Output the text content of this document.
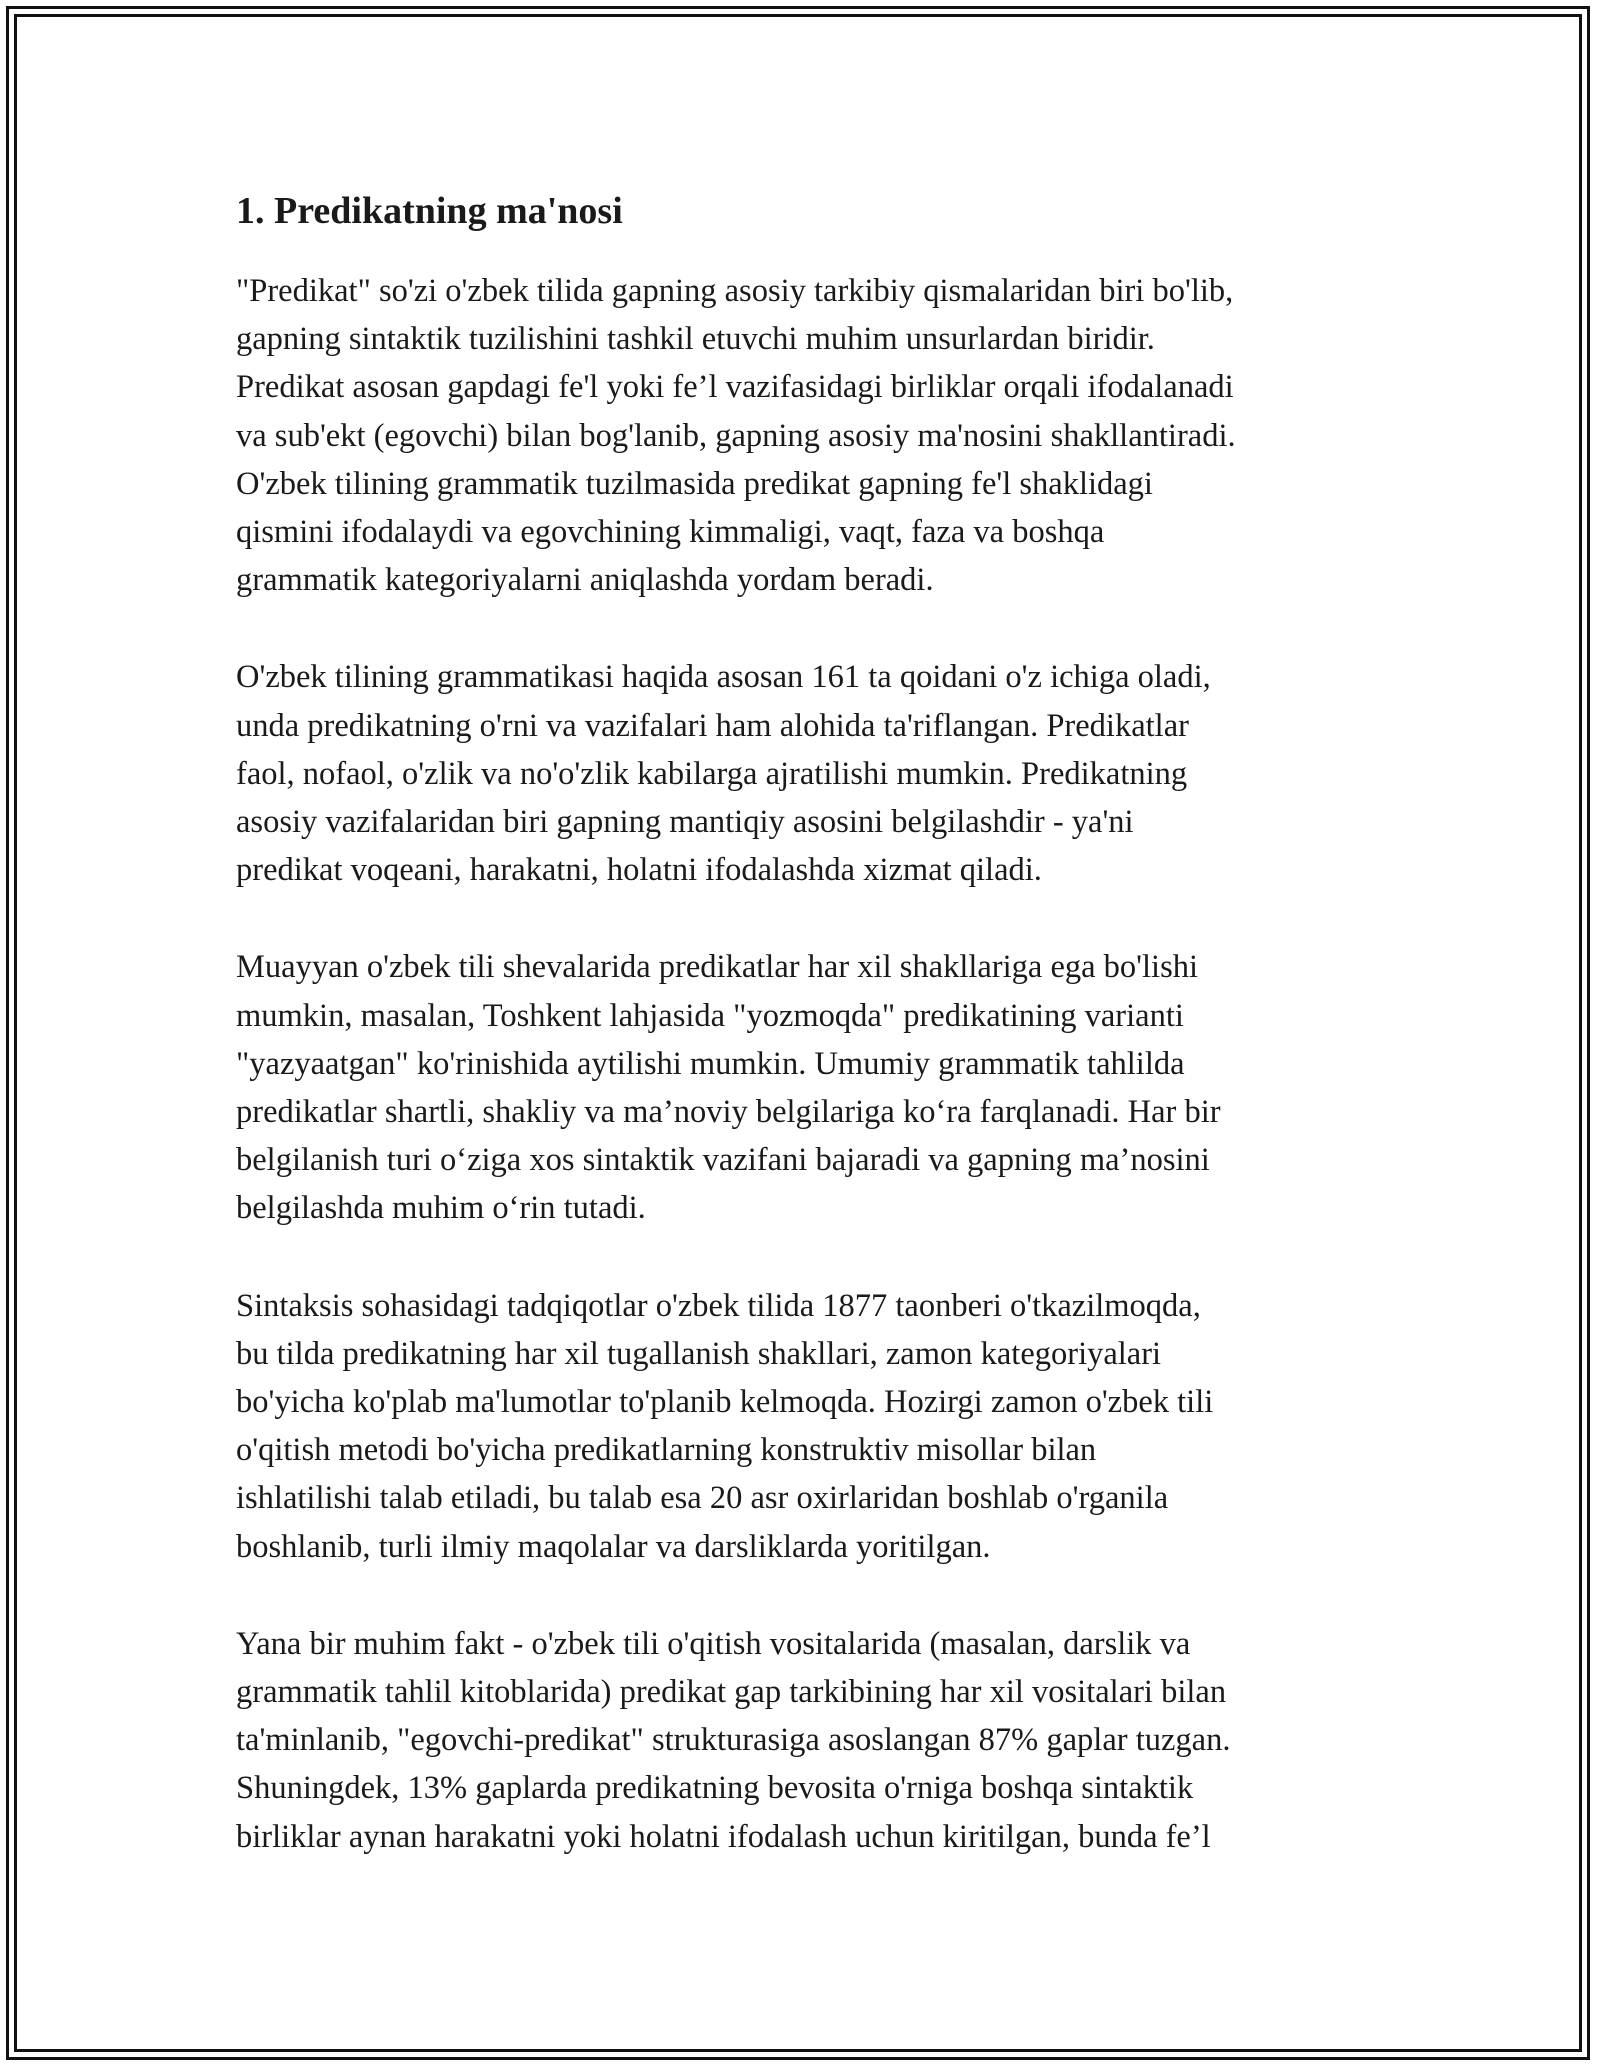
1. Predikatning ma'nosi

"Predikat" so'zi o'zbek tilida gapning asosiy tarkibiy qismalaridan biri bo'lib,
gapning sintaktik tuzilishini tashkil etuvchi muhim unsurlardan biridir.
Predikat asosan gapdagi fe'l yoki fe’l vazifasidagi birliklar orqali ifodalanadi
va sub'ekt (egovchi) bilan bog'lanib, gapning asosiy ma'nosini shakllantiradi.
O'zbek tilining grammatik tuzilmasida predikat gapning fe'l shaklidagi
qismini ifodalaydi va egovchining kimmaligi, vaqt, faza va boshqa
grammatik kategoriyalarni aniqlashda yordam beradi.

O'zbek tilining grammatikasi haqida asosan 161 ta qoidani o'z ichiga oladi,
unda predikatning o'rni va vazifalari ham alohida ta'riflangan. Predikatlar
faol, nofaol, o'zlik va no'o'zlik kabilarga ajratilishi mumkin. Predikatning
asosiy vazifalaridan biri gapning mantiqiy asosini belgilashdir - ya'ni
predikat voqeani, harakatni, holatni ifodalashda xizmat qiladi.

Muayyan o'zbek tili shevalarida predikatlar har xil shakllariga ega bo'lishi
mumkin, masalan, Toshkent lahjasida "yozmoqda" predikatining varianti
"yazyaatgan" ko'rinishida aytilishi mumkin. Umumiy grammatik tahlilda
predikatlar shartli, shakliy va ma’noviy belgilariga ko‘ra farqlanadi. Har bir
belgilanish turi o‘ziga xos sintaktik vazifani bajaradi va gapning ma’nosini
belgilashda muhim o‘rin tutadi.

Sintaksis sohasidagi tadqiqotlar o'zbek tilida 1877 taonberi o'tkazilmoqda,
bu tilda predikatning har xil tugallanish shakllari, zamon kategoriyalari
bo'yicha ko'plab ma'lumotlar to'planib kelmoqda. Hozirgi zamon o'zbek tili
o'qitish metodi bo'yicha predikatlarning konstruktiv misollar bilan
ishlatilishi talab etiladi, bu talab esa 20 asr oxirlaridan boshlab o'rganila
boshlanib, turli ilmiy maqolalar va darsliklarda yoritilgan.

Yana bir muhim fakt - o'zbek tili o'qitish vositalarida (masalan, darslik va
grammatik tahlil kitoblarida) predikat gap tarkibining har xil vositalari bilan
ta'minlanib, "egovchi-predikat" strukturasiga asoslangan 87% gaplar tuzgan.
Shuningdek, 13% gaplarda predikatning bevosita o'rniga boshqa sintaktik
birliklar aynan harakatni yoki holatni ifodalash uchun kiritilgan, bunda fe’l
